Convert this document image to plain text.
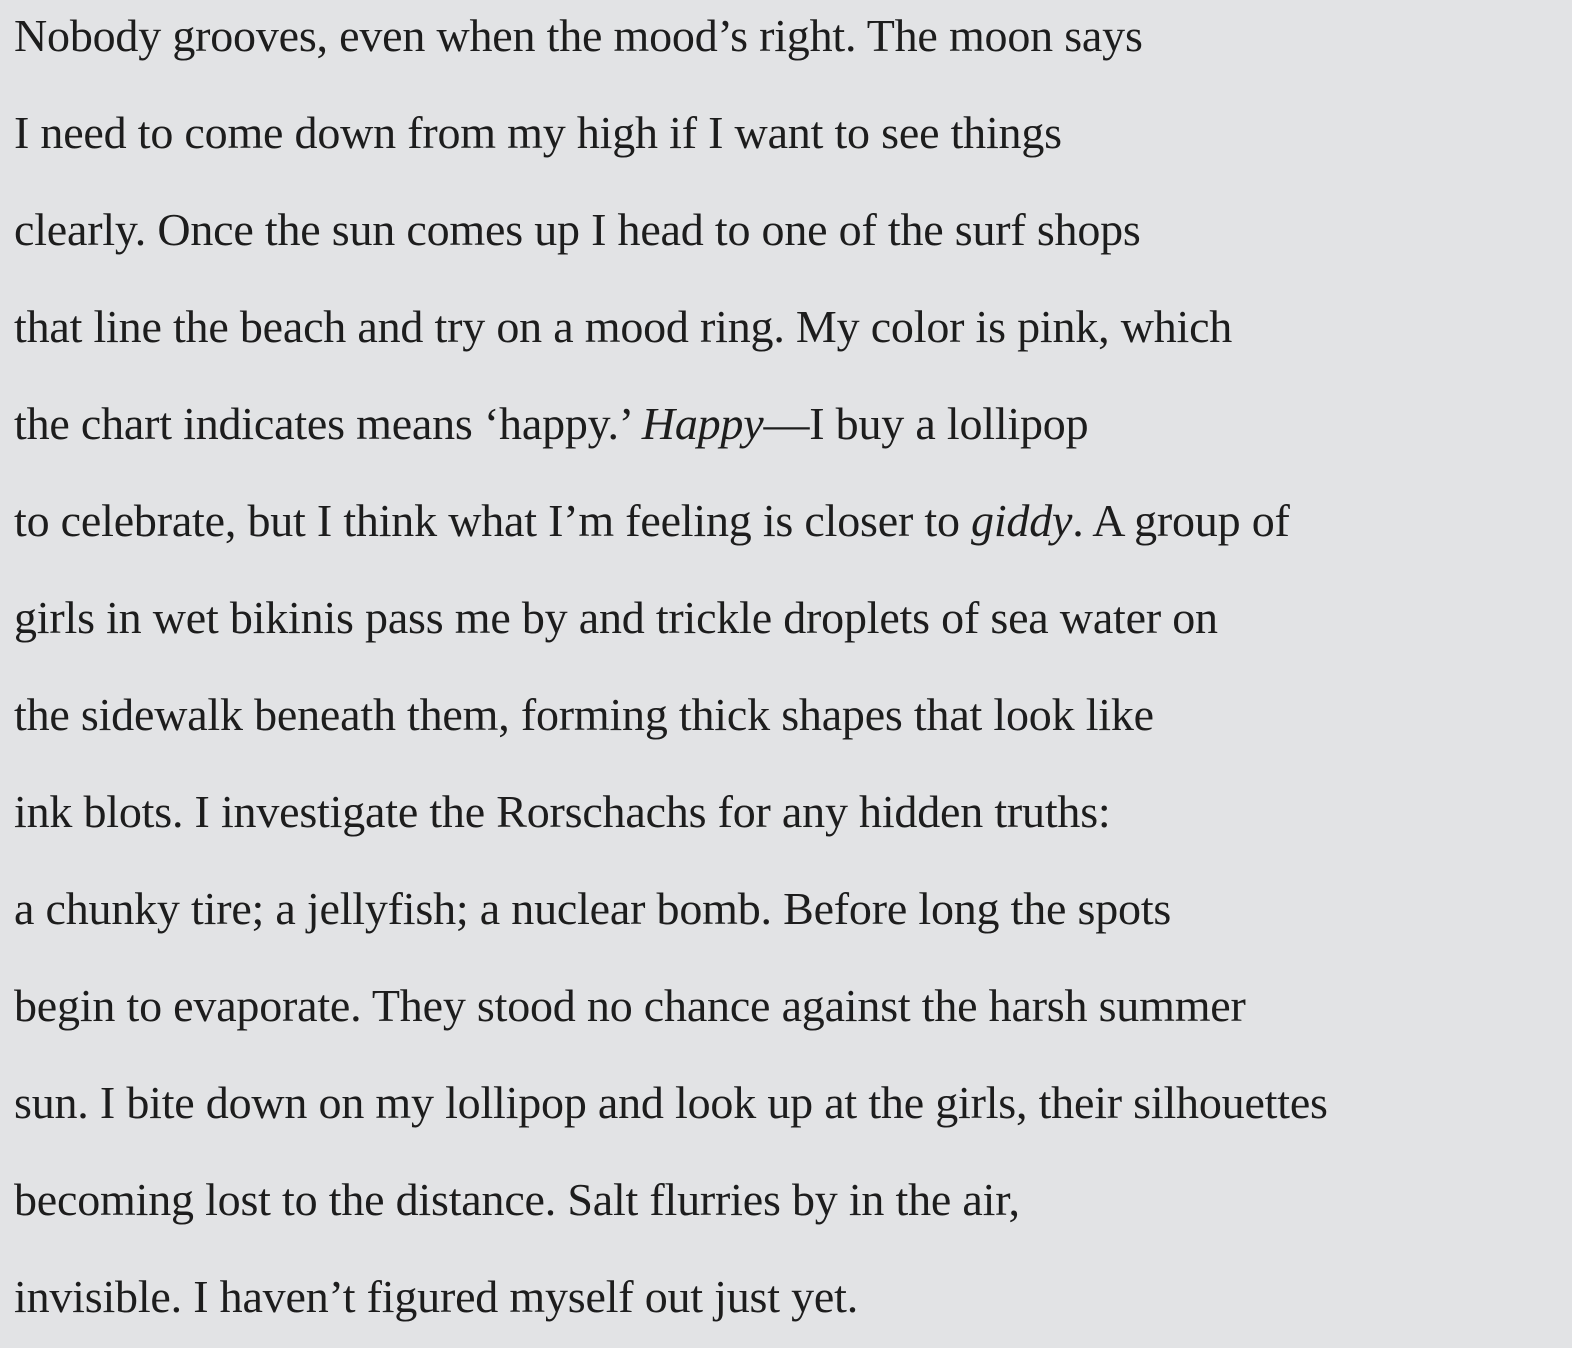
Nobody grooves, even when the mood’s right. The moon says
I need to come down from my high if I want to see things
clearly. Once the sun comes up I head to one of the surf shops
that line the beach and try on a mood ring. My color is pink, which
the chart indicates means ‘happy.’ Happy—I buy a lollipop
to celebrate, but I think what I’m feeling is closer to giddy. A group of
girls in wet bikinis pass me by and trickle droplets of sea water on
the sidewalk beneath them, forming thick shapes that look like
ink blots. I investigate the Rorschachs for any hidden truths:
a chunky tire; a jellyfish; a nuclear bomb. Before long the spots
begin to evaporate. They stood no chance against the harsh summer
sun. I bite down on my lollipop and look up at the girls, their silhouettes
becoming lost to the distance. Salt flurries by in the air,
invisible. I haven’t figured myself out just yet.
